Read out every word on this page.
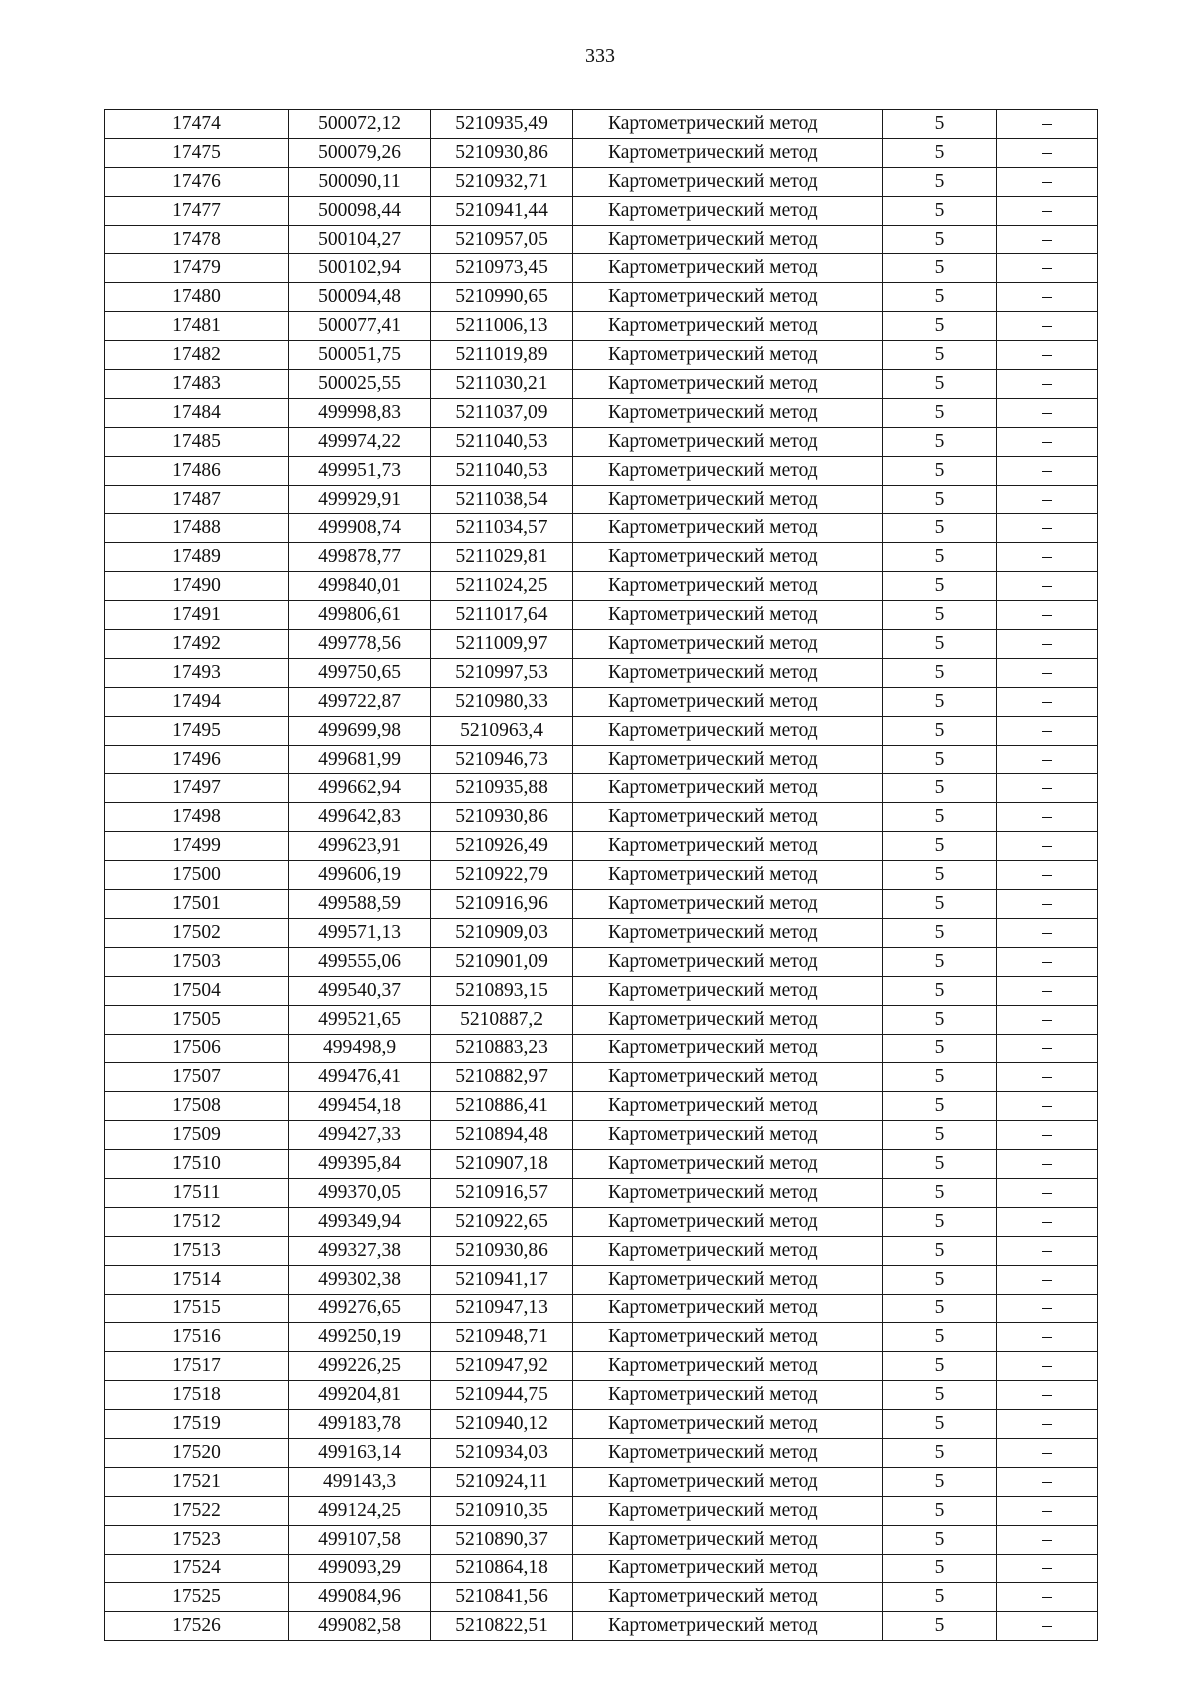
333
17474	500072,12	5210935,49	Картометрический метод	5	–
17475	500079,26	5210930,86	Картометрический метод	5	–
17476	500090,11	5210932,71	Картометрический метод	5	–
17477	500098,44	5210941,44	Картометрический метод	5	–
17478	500104,27	5210957,05	Картометрический метод	5	–
17479	500102,94	5210973,45	Картометрический метод	5	–
17480	500094,48	5210990,65	Картометрический метод	5	–
17481	500077,41	5211006,13	Картометрический метод	5	–
17482	500051,75	5211019,89	Картометрический метод	5	–
17483	500025,55	5211030,21	Картометрический метод	5	–
17484	499998,83	5211037,09	Картометрический метод	5	–
17485	499974,22	5211040,53	Картометрический метод	5	–
17486	499951,73	5211040,53	Картометрический метод	5	–
17487	499929,91	5211038,54	Картометрический метод	5	–
17488	499908,74	5211034,57	Картометрический метод	5	–
17489	499878,77	5211029,81	Картометрический метод	5	–
17490	499840,01	5211024,25	Картометрический метод	5	–
17491	499806,61	5211017,64	Картометрический метод	5	–
17492	499778,56	5211009,97	Картометрический метод	5	–
17493	499750,65	5210997,53	Картометрический метод	5	–
17494	499722,87	5210980,33	Картометрический метод	5	–
17495	499699,98	5210963,4	Картометрический метод	5	–
17496	499681,99	5210946,73	Картометрический метод	5	–
17497	499662,94	5210935,88	Картометрический метод	5	–
17498	499642,83	5210930,86	Картометрический метод	5	–
17499	499623,91	5210926,49	Картометрический метод	5	–
17500	499606,19	5210922,79	Картометрический метод	5	–
17501	499588,59	5210916,96	Картометрический метод	5	–
17502	499571,13	5210909,03	Картометрический метод	5	–
17503	499555,06	5210901,09	Картометрический метод	5	–
17504	499540,37	5210893,15	Картометрический метод	5	–
17505	499521,65	5210887,2	Картометрический метод	5	–
17506	499498,9	5210883,23	Картометрический метод	5	–
17507	499476,41	5210882,97	Картометрический метод	5	–
17508	499454,18	5210886,41	Картометрический метод	5	–
17509	499427,33	5210894,48	Картометрический метод	5	–
17510	499395,84	5210907,18	Картометрический метод	5	–
17511	499370,05	5210916,57	Картометрический метод	5	–
17512	499349,94	5210922,65	Картометрический метод	5	–
17513	499327,38	5210930,86	Картометрический метод	5	–
17514	499302,38	5210941,17	Картометрический метод	5	–
17515	499276,65	5210947,13	Картометрический метод	5	–
17516	499250,19	5210948,71	Картометрический метод	5	–
17517	499226,25	5210947,92	Картометрический метод	5	–
17518	499204,81	5210944,75	Картометрический метод	5	–
17519	499183,78	5210940,12	Картометрический метод	5	–
17520	499163,14	5210934,03	Картометрический метод	5	–
17521	499143,3	5210924,11	Картометрический метод	5	–
17522	499124,25	5210910,35	Картометрический метод	5	–
17523	499107,58	5210890,37	Картометрический метод	5	–
17524	499093,29	5210864,18	Картометрический метод	5	–
17525	499084,96	5210841,56	Картометрический метод	5	–
17526	499082,58	5210822,51	Картометрический метод	5	–
